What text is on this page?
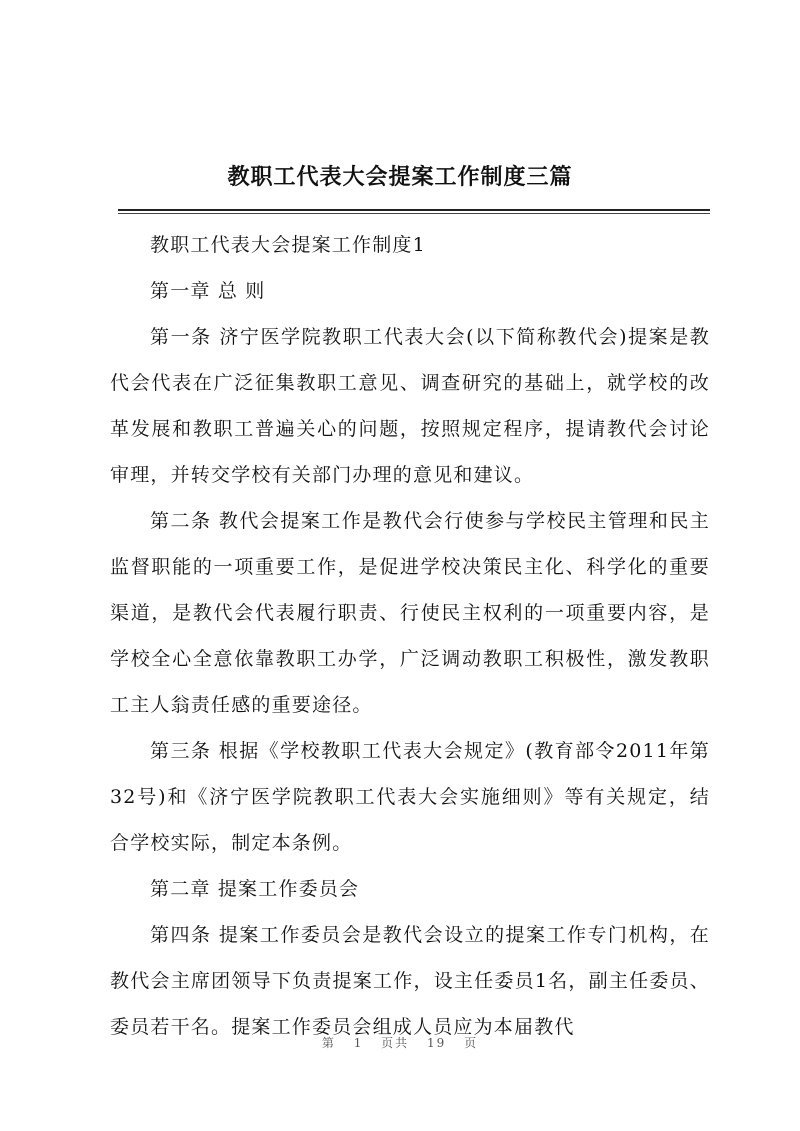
教职工代表大会提案工作制度三篇

教职工代表大会提案工作制度1

第一章 总 则

第一条 济宁医学院教职工代表大会(以下简称教代会)提案是教代会代表在广泛征集教职工意见、调查研究的基础上，就学校的改革发展和教职工普遍关心的问题，按照规定程序，提请教代会讨论审理，并转交学校有关部门办理的意见和建议。

第二条 教代会提案工作是教代会行使参与学校民主管理和民主监督职能的一项重要工作，是促进学校决策民主化、科学化的重要渠道，是教代会代表履行职责、行使民主权利的一项重要内容，是学校全心全意依靠教职工办学，广泛调动教职工积极性，激发教职工主人翁责任感的重要途径。

第三条 根据《学校教职工代表大会规定》(教育部令2011年第32号)和《济宁医学院教职工代表大会实施细则》等有关规定，结合学校实际，制定本条例。

第二章 提案工作委员会

第四条 提案工作委员会是教代会设立的提案工作专门机构，在教代会主席团领导下负责提案工作，设主任委员1名，副主任委员、委员若干名。提案工作委员会组成人员应为本届教代

第 1 页共 19 页
